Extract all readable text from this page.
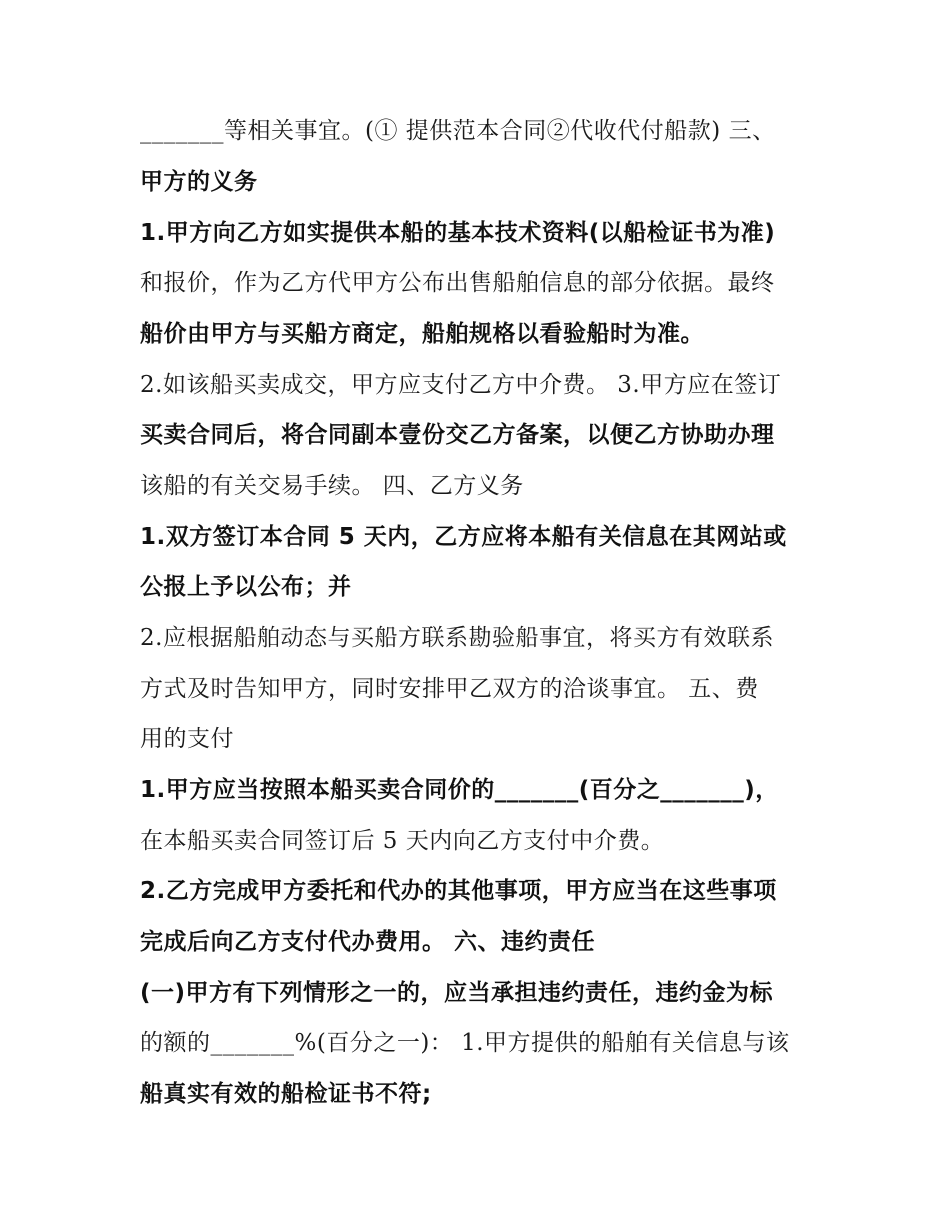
_______等相关事宜。(① 提供范本合同②代收代付船款) 三、
甲方的义务
1.甲方向乙方如实提供本船的基本技术资料(以船检证书为准)
和报价，作为乙方代甲方公布出售船舶信息的部分依据。最终
船价由甲方与买船方商定，船舶规格以看验船时为准。
2.如该船买卖成交，甲方应支付乙方中介费。 3.甲方应在签订
买卖合同后，将合同副本壹份交乙方备案，以便乙方协助办理
该船的有关交易手续。 四、乙方义务
1.双方签订本合同 5 天内，乙方应将本船有关信息在其网站或
公报上予以公布；并
2.应根据船舶动态与买船方联系勘验船事宜，将买方有效联系
方式及时告知甲方，同时安排甲乙双方的洽谈事宜。 五、费
用的支付
1.甲方应当按照本船买卖合同价的_______(百分之_______)，
在本船买卖合同签订后 5 天内向乙方支付中介费。
2.乙方完成甲方委托和代办的其他事项，甲方应当在这些事项
完成后向乙方支付代办费用。 六、违约责任
(一)甲方有下列情形之一的，应当承担违约责任，违约金为标
的额的_______%(百分之一)： 1.甲方提供的船舶有关信息与该
船真实有效的船检证书不符;
